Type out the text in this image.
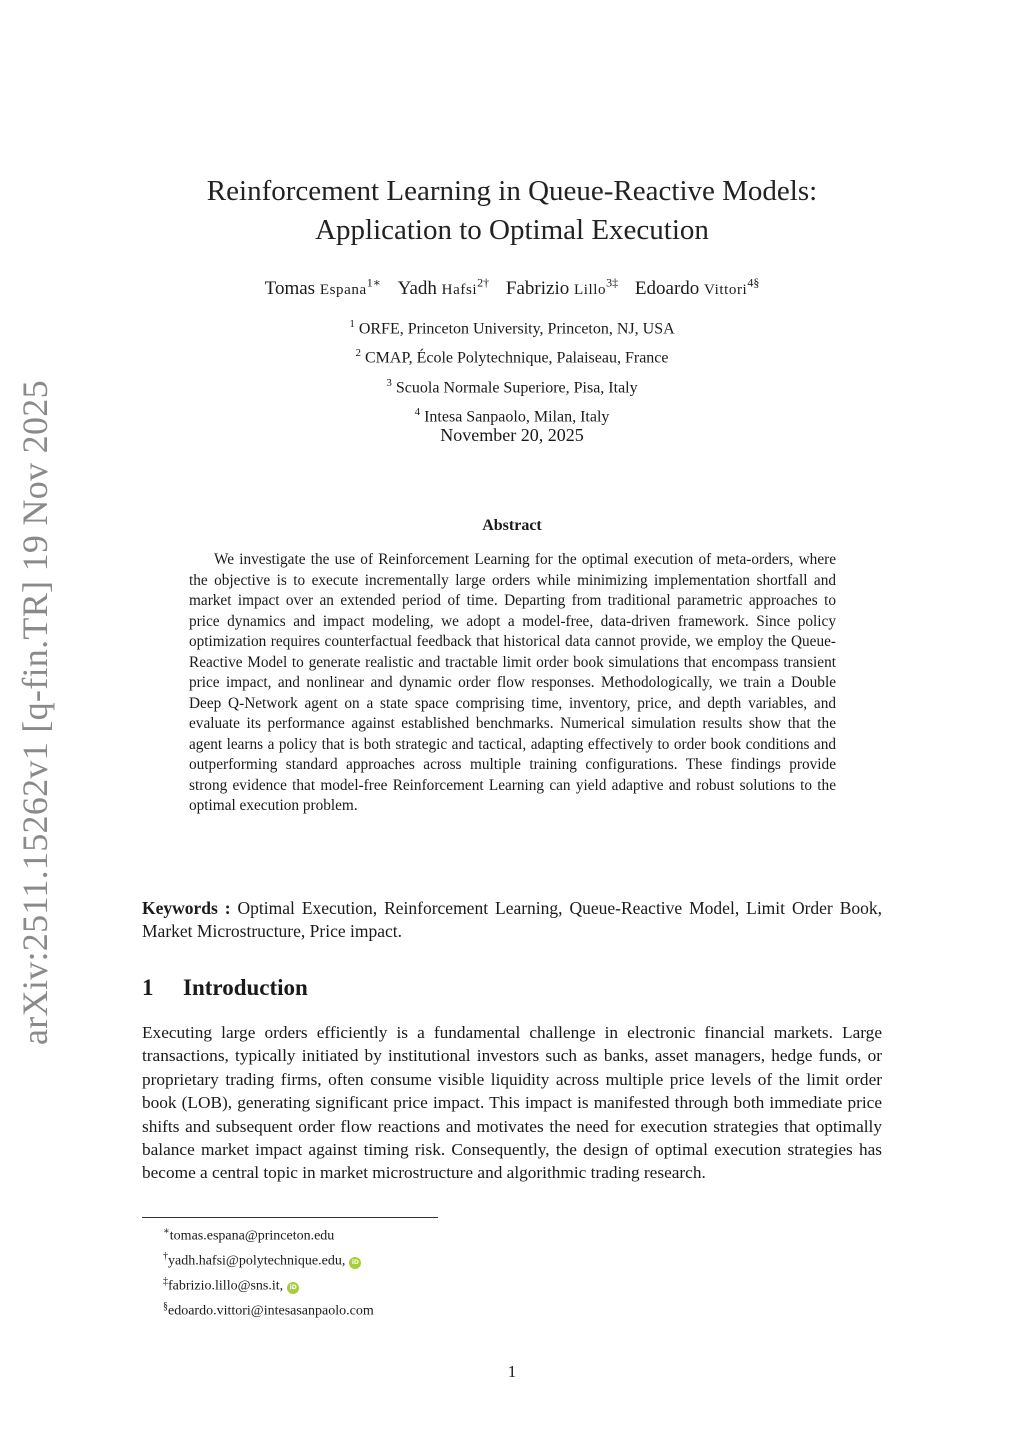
arXiv:2511.15262v1 [q-fin.TR] 19 Nov 2025
Reinforcement Learning in Queue-Reactive Models:
Application to Optimal Execution
Tomas Espana$^{1∗}$ Yadh Hafsi$^{2\dagger}$ Fabrizio Lillo$^{3\ddagger}$ Edoardo Vittori$^{4\S}$
$^1$ ORFE, Princeton University, Princeton, NJ, USA
$^2$ CMAP, École Polytechnique, Palaiseau, France
$^3$ Scuola Normale Superiore, Pisa, Italy
$^4$ Intesa Sanpaolo, Milan, Italy
November 20, 2025
Abstract
We investigate the use of Reinforcement Learning for the optimal execution of meta-orders, where the objective is to execute incrementally large orders while minimizing implementation shortfall and market impact over an extended period of time. Departing from traditional parametric approaches to price dynamics and impact modeling, we adopt a model-free, data-driven framework. Since policy optimization requires counterfactual feedback that historical data cannot provide, we employ the Queue-Reactive Model to generate realistic and tractable limit order book simulations that encompass transient price impact, and nonlinear and dynamic order flow responses. Methodologically, we train a Double Deep Q-Network agent on a state space comprising time, inventory, price, and depth variables, and evaluate its performance against established benchmarks. Numerical simulation results show that the agent learns a policy that is both strategic and tactical, adapting effectively to order book conditions and outperforming standard approaches across multiple training configurations. These findings provide strong evidence that model-free Reinforcement Learning can yield adaptive and robust solutions to the optimal execution problem.
Keywords : Optimal Execution, Reinforcement Learning, Queue-Reactive Model, Limit Order Book, Market Microstructure, Price impact.
1 Introduction
Executing large orders efficiently is a fundamental challenge in electronic financial markets. Large transactions, typically initiated by institutional investors such as banks, asset managers, hedge funds, or proprietary trading firms, often consume visible liquidity across multiple price levels of the limit order book (LOB), generating significant price impact. This impact is manifested through both immediate price shifts and subsequent order flow reactions and motivates the need for execution strategies that optimally balance market impact against timing risk. Consequently, the design of optimal execution strategies has become a central topic in market microstructure and algorithmic trading research.
∗tomas.espana@princeton.edu
†yadh.hafsi@polytechnique.edu, iD
‡fabrizio.lillo@sns.it, iD
§edoardo.vittori@intesasanpaolo.com
1
